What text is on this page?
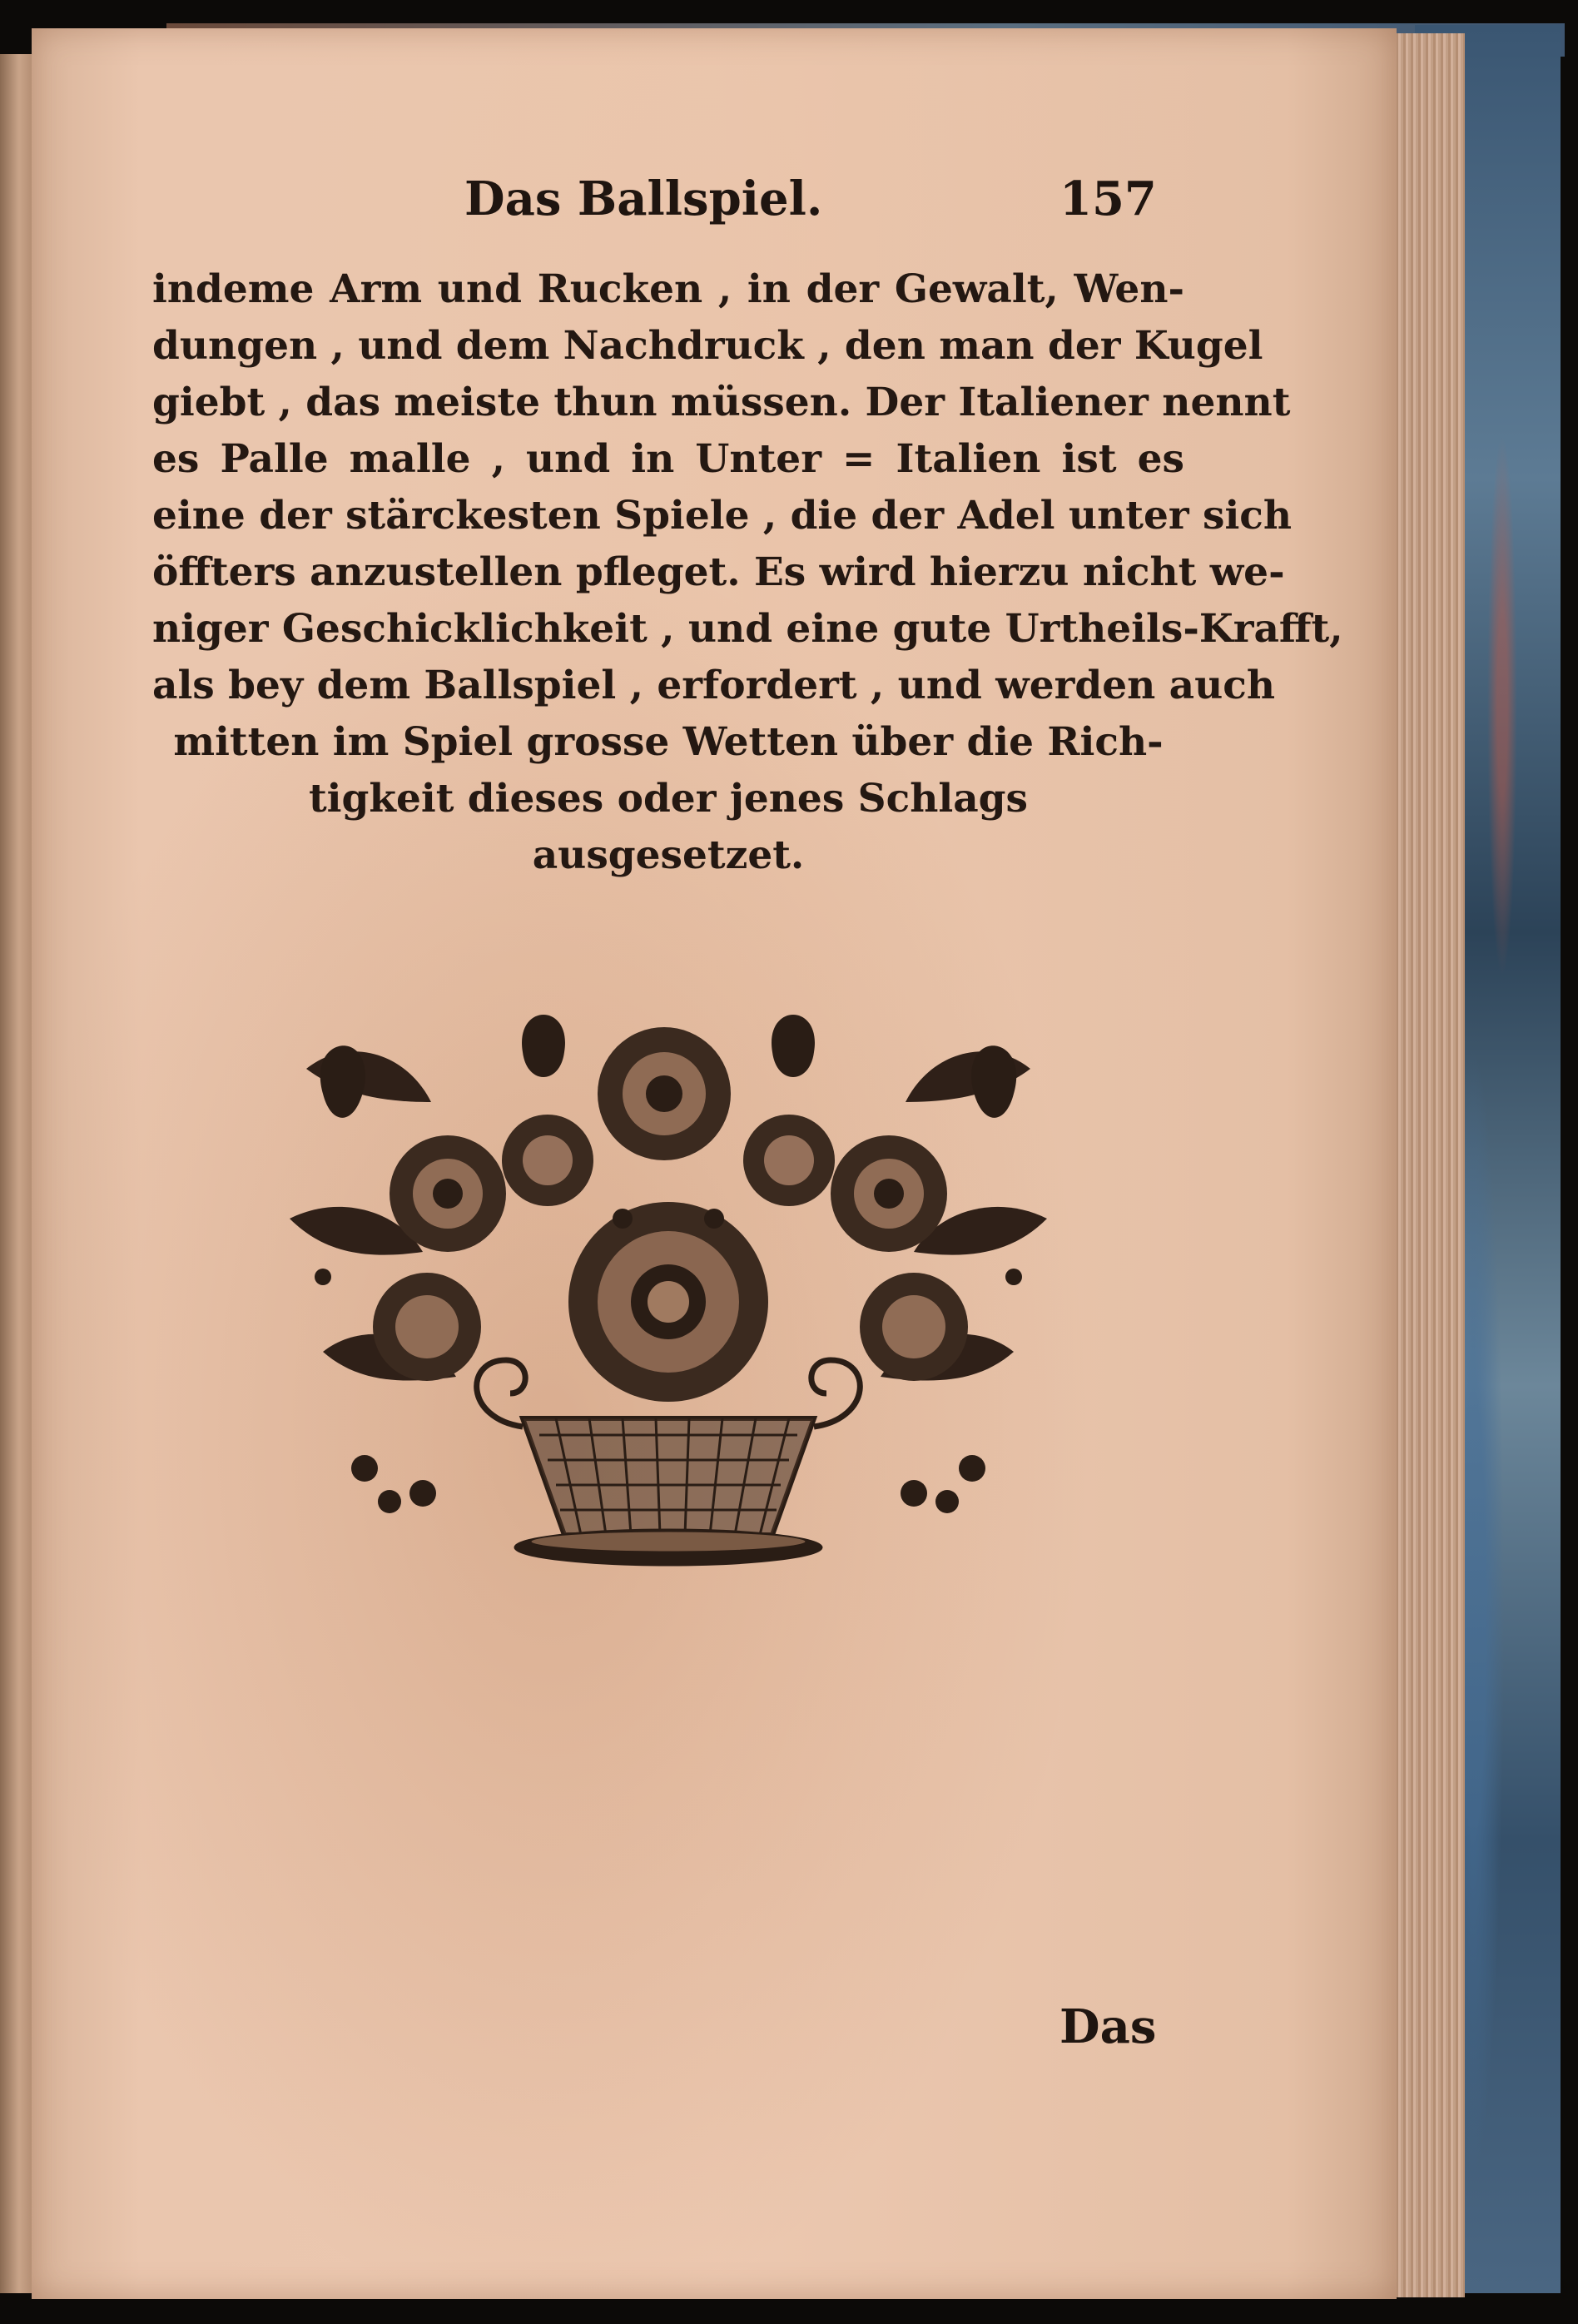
Das Ballspiel.	157
indeme Arm und Rucken , in der Gewalt, Wen-
dungen , und dem Nachdruck , den man der Kugel
giebt , das meiste thun müssen. Der Italiener nennt
es Palle malle , und in Unter = Italien ist es
eine der stärckesten Spiele , die der Adel unter sich
öffters anzustellen pfleget. Es wird hierzu nicht we-
niger Geschicklichkeit , und eine gute Urtheils-Krafft,
als bey dem Ballspiel , erfordert , und werden auch
mitten im Spiel grosse Wetten über die Rich-
tigkeit dieses oder jenes Schlags
ausgesetzet.
Das
